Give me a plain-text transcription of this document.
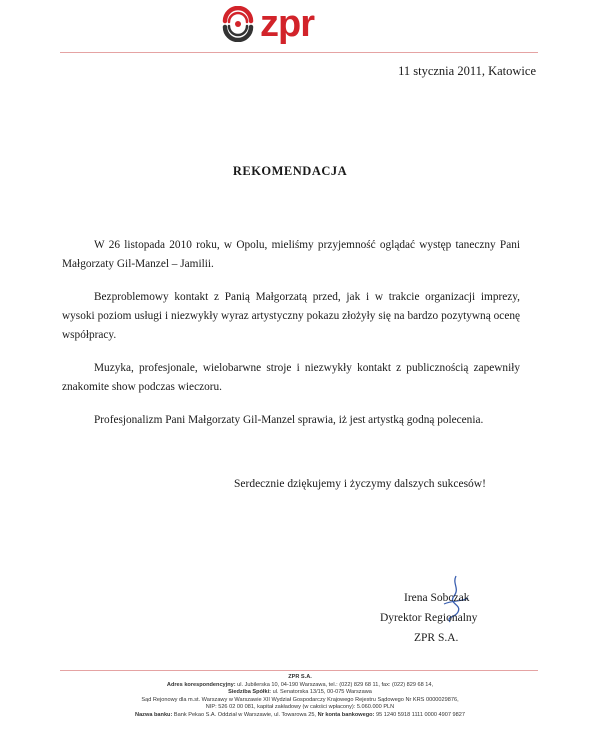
zpr
11 stycznia 2011, Katowice
REKOMENDACJA

W 26 listopada 2010 roku, w Opolu, mieliśmy przyjemność oglądać występ taneczny Pani Małgorzaty Gil-Manzel – Jamilii.

Bezproblemowy kontakt z Panią Małgorzatą przed, jak i w trakcie organizacji imprezy, wysoki poziom usługi i niezwykły wyraz artystyczny pokazu złożyły się na bardzo pozytywną ocenę współpracy.

Muzyka, profesjonale, wielobarwne stroje i niezwykły kontakt z publicznością zapewniły znakomite show podczas wieczoru.

Profesjonalizm Pani Małgorzaty Gil-Manzel sprawia, iż jest artystką godną polecenia.

Serdecznie dziękujemy i życzymy dalszych sukcesów!
Irena Sobczak
Dyrektor Regionalny
ZPR S.A.
ZPR S.A.
Adres korespondencyjny: ul. Jubilerska 10, 04-190 Warszawa, tel.: (022) 829 68 11, fax: (022) 829 68 14,
Siedziba Spółki: ul. Senatorska 13/15, 00-075 Warszawa
Sąd Rejonowy dla m.st. Warszawy w Warszawie XII Wydział Gospodarczy Krajowego Rejestru Sądowego Nr KRS 0000029876,
NIP: 526 02 00 081, kapitał zakładowy (w całości wpłacony): 5.060.000 PLN
Nazwa banku: Bank Pekao S.A. Oddział w Warszawie, ul. Towarowa 25, Nr konta bankowego: 95 1240 5918 1111 0000 4907 9827
